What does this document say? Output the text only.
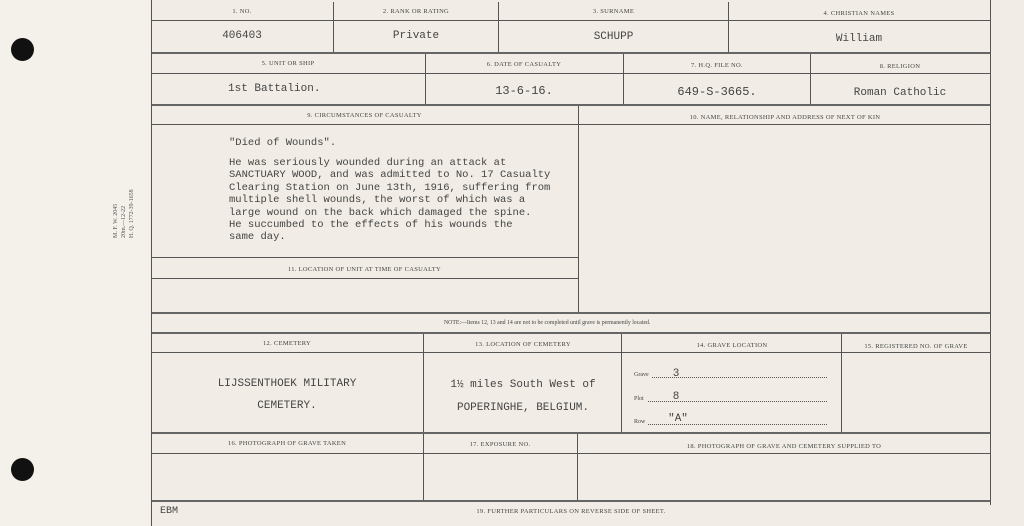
M. F. W. 2045 20m.—12-22 H. Q. 1772-39-1658
1. NO.	2. RANK OR RATING	3. SURNAME	4. CHRISTIAN NAMES
406403	Private	SCHUPP	William
5. UNIT OR SHIP	6. DATE OF CASUALTY	7. H.Q. FILE NO.	8. RELIGION
1st Battalion.	13-6-16.	649-S-3665.	Roman Catholic
9. CIRCUMSTANCES OF CASUALTY	10. NAME, RELATIONSHIP AND ADDRESS OF NEXT OF KIN
"Died of Wounds".
He was seriously wounded during an attack at
SANCTUARY WOOD, and was admitted to No. 17 Casualty
Clearing Station on June 13th, 1916, suffering from
multiple shell wounds, the worst of which was a
large wound on the back which damaged the spine.
He succumbed to the effects of his wounds the
same day.
11. LOCATION OF UNIT AT TIME OF CASUALTY
NOTE:—Items 12, 13 and 14 are not to be completed until grave is permanently located.
12. CEMETERY	13. LOCATION OF CEMETERY	14. GRAVE LOCATION	15. REGISTERED NO. OF GRAVE
LIJSSENTHOEK MILITARY
CEMETERY.
1½ miles South West of
POPERINGHE, BELGIUM.
Grave	3
Plot	8
Row	"A"
16. PHOTOGRAPH OF GRAVE TAKEN	17. EXPOSURE NO.	18. PHOTOGRAPH OF GRAVE AND CEMETERY SUPPLIED TO
EBM	19. FURTHER PARTICULARS ON REVERSE SIDE OF SHEET.
